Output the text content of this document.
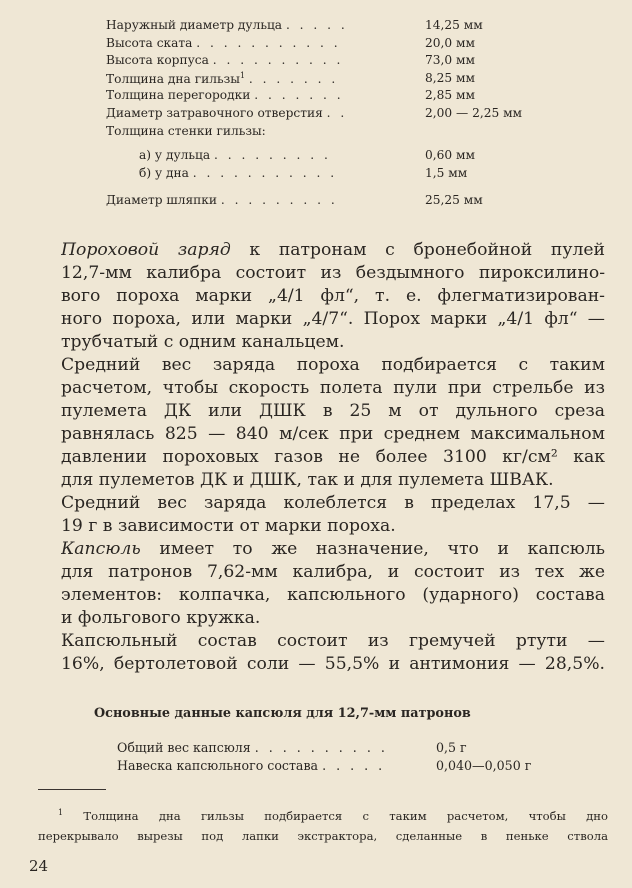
Наружный диаметр дульца . . . . .	14,25 мм
Высота ската . . . . . . . . . . .	20,0 мм
Высота корпуса . . . . . . . . . .	73,0 мм
Толщина дна гильзы$^1$ . . . . . . .	8,25 мм
Толщина перегородки . . . . . . .	2,85 мм
Диаметр затравочного отверстия . .	2,00 — 2,25 мм
Толщина стенки гильзы:
а) у дульца . . . . . . . . .	0,60 мм
б) у дна . . . . . . . . . . .	1,5 мм
Диаметр шляпки . . . . . . . . .	25,25 мм
Пороховой заряд к патронам с бронебойной пулей
12,7-мм калибра состоит из бездымного пироксилино-
вого пороха марки „4/1 фл“, т. е. флегматизирован-
ного пороха, или марки „4/7“. Порох марки „4/1 фл“ —
трубчатый с одним канальцем.
Средний вес заряда пороха подбирается с таким
расчетом, чтобы скорость полета пули при стрельбе из
пулемета ДК или ДШК в 25 м от дульного среза
равнялась 825 — 840 м/сек при среднем максимальном
давлении пороховых газов не более 3100 кг/см² как
для пулеметов ДК и ДШК, так и для пулемета ШВАК.
Средний вес заряда колеблется в пределах 17,5 —
19 г в зависимости от марки пороха.
Капсюль имеет то же назначение, что и капсюль
для патронов 7,62-мм калибра, и состоит из тех же
элементов: колпачка, капсюльного (ударного) состава
и фольгового кружка.
Капсюльный состав состоит из гремучей ртути —
16%, бертолетовой соли — 55,5% и антимония — 28,5%.
Основные данные капсюля для 12,7-мм патронов
Общий вес капсюля . . . . . . . . . .	0,5 г
Навеска капсюльного состава . . . . .	0,040—0,050 г
$^1$ Толщина дна гильзы подбирается с таким расчетом, чтобы дно
перекрывало вырезы под лапки экстрактора, сделанные в пеньке ствола
24
